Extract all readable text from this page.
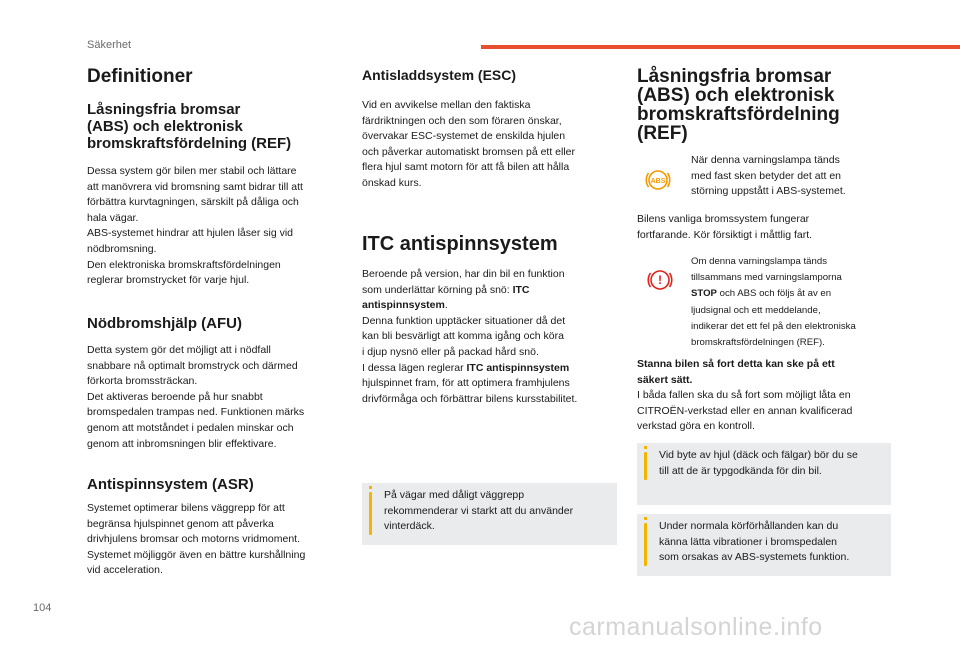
Säkerhet
Definitioner
Låsningsfria bromsar
(ABS) och elektronisk
bromskraftsfördelning (REF)

Dessa system gör bilen mer stabil och lättare
att manövrera vid bromsning samt bidrar till att
förbättra kurvtagningen, särskilt på dåliga och
hala vägar.
ABS-systemet hindrar att hjulen låser sig vid
nödbromsning.
Den elektroniska bromskraftsfördelningen
reglerar bromstrycket för varje hjul.

Nödbromshjälp (AFU)

Detta system gör det möjligt att i nödfall
snabbare nå optimalt bromstryck och därmed
förkorta bromssträckan.
Det aktiveras beroende på hur snabbt
bromspedalen trampas ned. Funktionen märks
genom att motståndet i pedalen minskar och
genom att inbromsningen blir effektivare.

Antispinnsystem (ASR)

Systemet optimerar bilens väggrepp för att
begränsa hjulspinnet genom att påverka
drivhjulens bromsar och motorns vridmoment.
Systemet möjliggör även en bättre kurshållning
vid acceleration.

Antisladdsystem (ESC)

Vid en avvikelse mellan den faktiska
färdriktningen och den som föraren önskar,
övervakar ESC-systemet de enskilda hjulen
och påverkar automatiskt bromsen på ett eller
flera hjul samt motorn för att få bilen att hålla
önskad kurs.

ITC antispinnsystem

Beroende på version, har din bil en funktion
som underlättar körning på snö: ITC
antispinnsystem.
Denna funktion upptäcker situationer då det
kan bli besvärligt att komma igång och köra
i djup nysnö eller på packad hård snö.
I dessa lägen reglerar ITC antispinnsystem
hjulspinnet fram, för att optimera framhjulens
drivförmåga och förbättrar bilens kursstabilitet.

På vägar med dåligt väggrepp
rekommenderar vi starkt att du använder
vinterdäck.

Låsningsfria bromsar
(ABS) och elektronisk
bromskraftsfördelning
(REF)
ABS

När denna varningslampa tänds
med fast sken betyder det att en
störning uppstått i ABS-systemet.

Bilens vanliga bromssystem fungerar
fortfarande. Kör försiktigt i måttlig fart.

!

Om denna varningslampa tänds
tillsammans med varningslamporna
STOP och ABS och följs åt av en
ljudsignal och ett meddelande,
indikerar det ett fel på den elektroniska
bromskraftsfördelningen (REF).

Stanna bilen så fort detta kan ske på ett
säkert sätt.
I båda fallen ska du så fort som möjligt låta en
CITROËN-verkstad eller en annan kvalificerad
verkstad göra en kontroll.

Vid byte av hjul (däck och fälgar) bör du se
till att de är typgodkända för din bil.

Under normala körförhållanden kan du
känna lätta vibrationer i bromspedalen
som orsakas av ABS-systemets funktion.

104
carmanualsonline.info
